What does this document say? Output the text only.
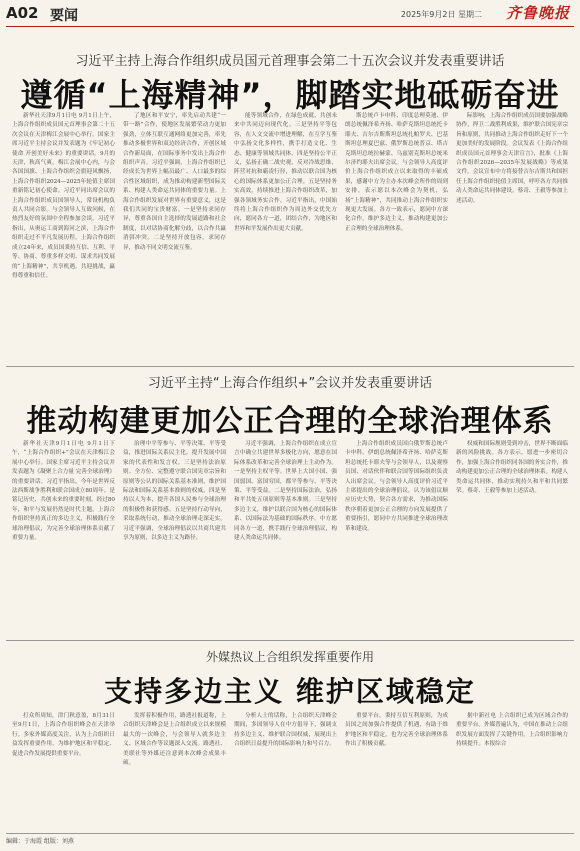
A02 要闻	2025年9月2日 星期二 齐鲁晚报
习近平主持上海合作组织成员国元首理事会第二十五次会议并发表重要讲话
遵循“上海精神”，脚踏实地砥砺奋进

新华社天津9月1日电 9月1日上午，上海合作组织成员国元首理事会第二十五次会议在天津梅江会展中心举行。国家主席习近平主持会议并发表题为《牢记初心使命 开创美好未来》的重要讲话。9月的天津，秋高气爽，梅江会展中心内，与会各国国旗、上海合作组织会旗迎风飘扬，上海合作组织2024—2025年轮值主席国重新铭记初心使命。习近平同出席会议的上海合作组织成员国领导人，常设机构负责人共同合影。与会领导人互致问候，在热烈友好的氛围中全程参加会谈。习近平指出，从奥运工商到海河之滨，上海合作组织走过不平凡发展历程。上海合作组织成立24年来，成员国秉持互信、互利、平等、协商、尊重多样文明、谋求共同发展的“上海精神”，共享机遇，共迎挑战，赢得尊重和信任。

了地区和平安宁，率先启动共建“一带一路”合作，使地区发展繁荣动力更加强劲，立体互联互通网络更加完善，率先推动多极世界和双边经济合作，开创区域合作新局面，在国际事务中发出上海合作组织声音。习近平强调，上海合作组织已经成长为世界上幅员最广、人口最多的综合性区域组织，成为推动构建新型国际关系、构建人类命运共同体的重要力量。上海合作组织发展对世界有重要意义，这是我们共同的宝贵财富。一是坚持求同存异，尊重各国自主选择的发展道路和社会制度，以对话协商化解分歧，以合作共赢消弭冲突。二是坚持开放包容，求同存异，推动不同文明交流互鉴。

能等领域合作，在绿色成就、共创未来中共同迈向现代化。三是坚持平等包容，在人文交流中增进理解，在互学互鉴中弘扬文化多样性，携手打造文化、生态、健康等领域共同体。四是坚持公平正义，弘扬正确二战史观，反对冷战思维、阵营对抗和霸凌行径，推动以联合国为核心的国际体系更加公正合理。五是坚持务实高效，持续推进上海合作组织改革，加强各领域务实合作。习近平指出，中国始终将上海合作组织作为周边外交优先方向，愿同各方一道，团结合作，为地区和世界和平发展作出更大贡献。

斯总统卢卡申科、印度总理莫迪、伊朗总统佩泽希齐扬、哈萨克斯坦总统托卡耶夫、吉尔吉斯斯坦总统扎帕罗夫、巴基斯坦总理夏巴兹、俄罗斯总统普京、塔吉克斯坦总统拉赫蒙、乌兹别克斯坦总统米尔济约耶夫出席会议。与会领导人高度评价上海合作组织成立以来取得的丰硕成果，感谢中方为主办本次峰会所作的周到安排，表示愿以本次峰会为契机，弘扬“上海精神”，共同推动上海合作组织实现更大发展。各方一致表示，愿同中方深化合作，维护多边主义，推动构建更加公正合理的全球治理体系。

际影响，上海合作组织成员国要加强战略协作，捍卫二战胜利成果，维护联合国宪章宗旨和原则，共同推动上海合作组织走好下一个更加美好的发展阶段。会议发表《上海合作组织成员国元首理事会天津宣言》，批准《上海合作组织2026—2035年发展战略》等成果文件。会议宣布中方将接替吉尔吉斯共和国担任上海合作组织轮值主席国，呼吁各方共同推动人类命运共同体建设。蔡奇、王毅等参加上述活动。

习近平主持“上海合作组织+”会议并发表重要讲话
推动构建更加公正合理的全球治理体系

新华社天津9月1日电 9月1日下午，“上海合作组织+”会议在天津梅江会展中心举行。国家主席习近平主持会议并发表题为《凝聚上合力量 完善全球治理》的重要讲话。习近平指出，今年是世界反法西斯战争胜利和联合国成立80周年。是铭记历史、共创未来的重要时刻。经过80年，和平与发展仍然是时代主题。上海合作组织坚持真正的多边主义，积极践行全球治理倡议，为完善全球治理体系贡献了重要力量。

治理中平等参与、平等决策、平等受益，推进国际关系民主化。提升发展中国家的代表性和发言权。三是坚持法治原则。全方位、完整遵守联合国宪章宗旨和原则等公认的国际关系基本准则，维护国际法和国际关系基本准则的权威。四是坚持以人为本，提升各国人民参与全球治理的积极性和获得感。五是坚持行动导向，采取系统行动，推动全球治理走深走实。习近平强调，全球治理倡议以共商共建共享为原则，以多边主义为路径。

习近平强调，上海合作组织在成立宣言中确立共建世界多极化方向，愿意在国际体系改革和完善全球治理上主动作为。一是坚持主权平等。世界上大国小国、强国弱国、富国穷国，都平等参与、平等决策、平等受益。二是坚持国际法治，弘扬和平共处五项原则等基本准则。三是坚持多边主义，维护以联合国为核心的国际体系、以国际法为基础的国际秩序。中方愿同各方一道，携手践行全球治理倡议，构建人类命运共同体。

上海合作组织成员国白俄罗斯总统卢卡申科、伊朗总统佩泽希齐扬、哈萨克斯坦总统托卡耶夫等与会领导人，以及观察员国、对话伙伴和联合国等国际组织负责人出席会议。与会领导人高度评价习近平主席提出的全球治理倡议，认为该倡议顺应历史大势，契合各方需求，为推动国际秩序朝着更加公正合理的方向发展提供了重要指引，愿同中方共同推进全球治理改革和建设。

权威和国际规则受到冲击，世界不断面临新的风险挑战。各方表示，愿进一步密切合作，加强上海合作组织同各国的务实合作，推动构建更加公正合理的全球治理体系。构建人类命运共同体，推动实现持久和平和共同繁荣。蔡奇、王毅等参加上述活动。

外媒热议上合组织发挥重要作用
支持多边主义 维护区域稳定

打众所周知，津门秋意盈，8月31日至9月1日，上海合作组织峰会在天津举行。多家外媒高度关注，认为上合组织日益发挥重要作用，为维护地区和平稳定、促进合作发展提供重要平台。

发挥着积极作用，路透社报道称，上合组织天津峰会是上合组织成立以来规模最大的一次峰会，与会领导人就多边主义、区域合作等议题深入交流。路透社、美联社等外媒还注意到本次峰会成果丰硕。

分析人士的话称，上合组织天津峰会期间，多国领导人在中方倡导下，强调支持多边主义、维护联合国权威，展现出上合组织日益提升的国际影响力和号召力。

重要平台，秉持互信互利原则，为成员国之间加强合作提供了机遇，有助于维护地区和平稳定，也为完善全球治理体系作出了积极贡献。

据中新社电 上合组织已成为区域合作的重要平台。外媒普遍认为，中国在推动上合组织发展方面发挥了关键作用，上合组织影响力持续提升。本报综合

编辑：于海霞 组版：刘燕
